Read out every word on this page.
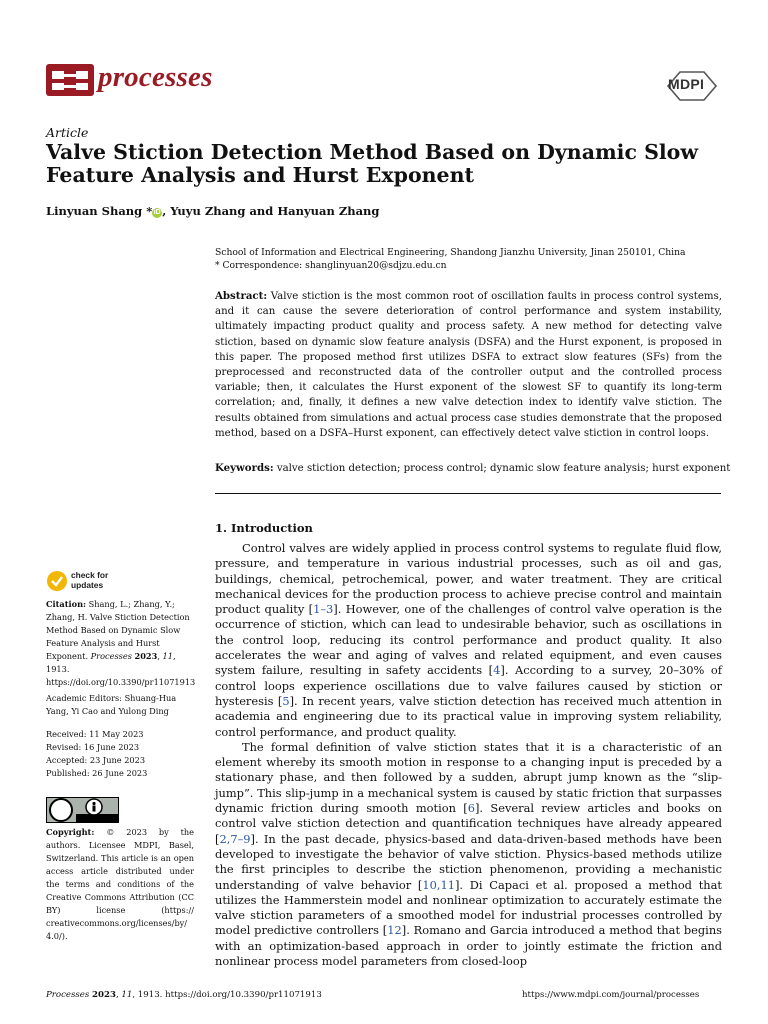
processes	MDPI
Article
Valve Stiction Detection Method Based on Dynamic Slow Feature Analysis and Hurst Exponent
Linyuan Shang * iD , Yuyu Zhang and Hanyuan Zhang
School of Information and Electrical Engineering, Shandong Jianzhu University, Jinan 250101, China
* Correspondence: shanglinyuan20@sdjzu.edu.cn
Abstract: Valve stiction is the most common root of oscillation faults in process control systems, and it can cause the severe deterioration of control performance and system instability, ultimately impacting product quality and process safety. A new method for detecting valve stiction, based on dynamic slow feature analysis (DSFA) and the Hurst exponent, is proposed in this paper. The proposed method first utilizes DSFA to extract slow features (SFs) from the preprocessed and reconstructed data of the controller output and the controlled process variable; then, it calculates the Hurst exponent of the slowest SF to quantify its long-term correlation; and, finally, it defines a new valve detection index to identify valve stiction. The results obtained from simulations and actual process case studies demonstrate that the proposed method, based on a DSFA–Hurst exponent, can effectively detect valve stiction in control loops.
Keywords: valve stiction detection; process control; dynamic slow feature analysis; hurst exponent
1. Introduction

Control valves are widely applied in process control systems to regulate fluid flow, pressure, and temperature in various industrial processes, such as oil and gas, buildings, chemical, petrochemical, power, and water treatment. They are critical mechanical devices for the production process to achieve precise control and maintain product quality [1–3]. However, one of the challenges of control valve operation is the occurrence of stiction, which can lead to undesirable behavior, such as oscillations in the control loop, reducing its control performance and product quality. It also accelerates the wear and aging of valves and related equipment, and even causes system failure, resulting in safety accidents [4]. According to a survey, 20–30% of control loops experience oscillations due to valve failures caused by stiction or hysteresis [5]. In recent years, valve stiction detection has received much attention in academia and engineering due to its practical value in improving system reliability, control performance, and product quality.

The formal definition of valve stiction states that it is a characteristic of an element whereby its smooth motion in response to a changing input is preceded by a stationary phase, and then followed by a sudden, abrupt jump known as the “slip-jump”. This slip-jump in a mechanical system is caused by static friction that surpasses dynamic friction during smooth motion [6]. Several review articles and books on control valve stiction detection and quantification techniques have already appeared [2,7–9]. In the past decade, physics-based and data-driven-based methods have been developed to investigate the behavior of valve stiction. Physics-based methods utilize the first principles to describe the stiction phenomenon, providing a mechanistic understanding of valve behavior [10,11]. Di Capaci et al. proposed a method that utilizes the Hammerstein model and nonlinear optimization to accurately estimate the valve stiction parameters of a smoothed model for industrial processes controlled by model predictive controllers [12]. Romano and Garcia introduced a method that begins with an optimization-based approach in order to jointly estimate the friction and nonlinear process model parameters from closed-loop

check for
updates
Citation: Shang, L.; Zhang, Y.; Zhang, H. Valve Stiction Detection Method Based on Dynamic Slow Feature Analysis and Hurst Exponent. Processes 2023, 11, 1913. https://doi.org/10.3390/pr11071913
Academic Editors: Shuang-Hua Yang, Yi Cao and Yulong Ding
Received: 11 May 2023
Revised: 16 June 2023
Accepted: 23 June 2023
Published: 26 June 2023
Copyright: © 2023 by the authors. Licensee MDPI, Basel, Switzerland. This article is an open access article distributed under the terms and conditions of the Creative Commons Attribution (CC BY) license (https:// creativecommons.org/licenses/by/ 4.0/).
Processes 2023, 11, 1913. https://doi.org/10.3390/pr11071913	https://www.mdpi.com/journal/processes
